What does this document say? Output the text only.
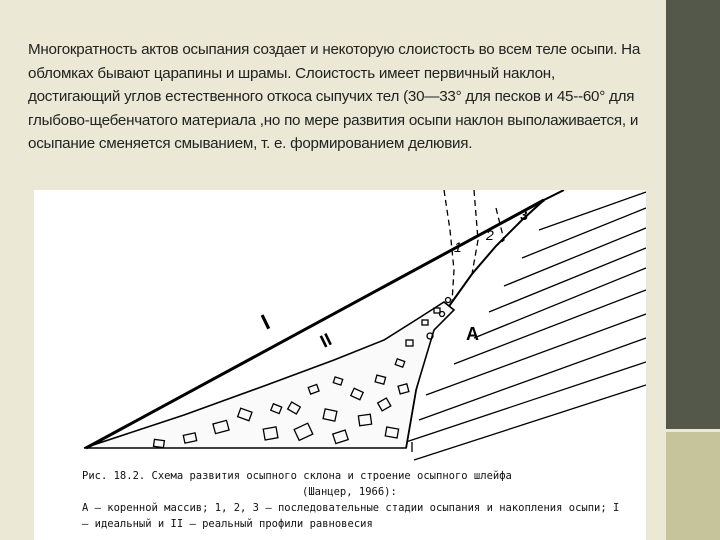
Многократность актов осыпания создает и некоторую слоистость во всем теле осыпи. На обломках бывают царапины и шрамы. Слоистость имеет первичный наклон, достигающий углов естественного откоса сыпучих тел (30—33° для песков и 45--60° для глыбово-щебенчатого материала ,но по мере развития осыпи наклон выполаживается, и осыпание сменяется смыванием, т. е. формированием делювия.

I
II	A
1
2
3
Рис. 18.2. Схема развития осыпного склона и строение осыпного шлейфа
(Шанцер, 1966):
А — коренной массив; 1, 2, 3 — последовательные стадии осыпания и накопления осыпи; I — идеальный и II — реальный профили равновесия
